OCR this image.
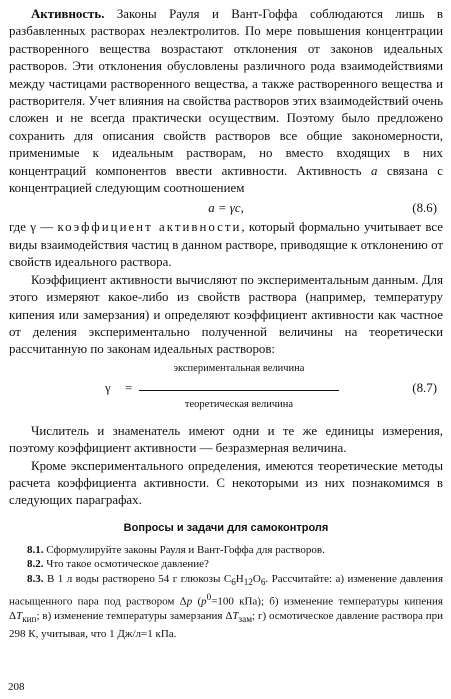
Активность. Законы Рауля и Вант-Гоффа соблюдаются лишь в разбавленных растворах неэлектролитов. По мере повышения концентрации растворенного вещества возрастают отклонения от законов идеальных растворов. Эти отклонения обусловлены различного рода взаимодействиями между частицами растворенного вещества, а также растворенного вещества и растворителя. Учет влияния на свойства растворов этих взаимодействий очень сложен и не всегда практически осуществим. Поэтому было предложено сохранить для описания свойств растворов все общие закономерности, применимые к идеальным растворам, но вместо входящих в них концентраций компонентов ввести активности. Активность a связана с концентрацией следующим соотношением

a = γc,	(8.6)

где γ — коэффициент активности, который формально учитывает все виды взаимодействия частиц в данном растворе, приводящие к отклонению от свойств идеального раствора.

Коэффициент активности вычисляют по экспериментальным данным. Для этого измеряют какое-либо из свойств раствора (например, температуру кипения или замерзания) и определяют коэффициент активности как частное от деления экспериментально полученной величины на теоретически рассчитанную по законам идеальных растворов:

γ =
экспериментальная величина
теоретическая величина
(8.7)

Числитель и знаменатель имеют одни и те же единицы измерения, поэтому коэффициент активности — безразмерная величина.

Кроме экспериментального определения, имеются теоретические методы расчета коэффициента активности. С некоторыми из них познакомимся в следующих параграфах.

Вопросы и задачи для самоконтроля

8.1. Сформулируйте законы Рауля и Вант-Гоффа для растворов.

8.2. Что такое осмотическое давление?

8.3. В 1 л воды растворено 54 г глюкозы $C_6H_{12}O_6$. Рассчитайте: а) изменение давления насыщенного пара под раствором Δp ($p^0=100$ кПа); б) изменение температуры кипения $\Delta T_{кип}$; в) изменение температуры замерзания $\Delta T_{зам}$; г) осмотическое давление раствора при 298 К, учитывая, что 1 Дж/л=1 кПа.

208
